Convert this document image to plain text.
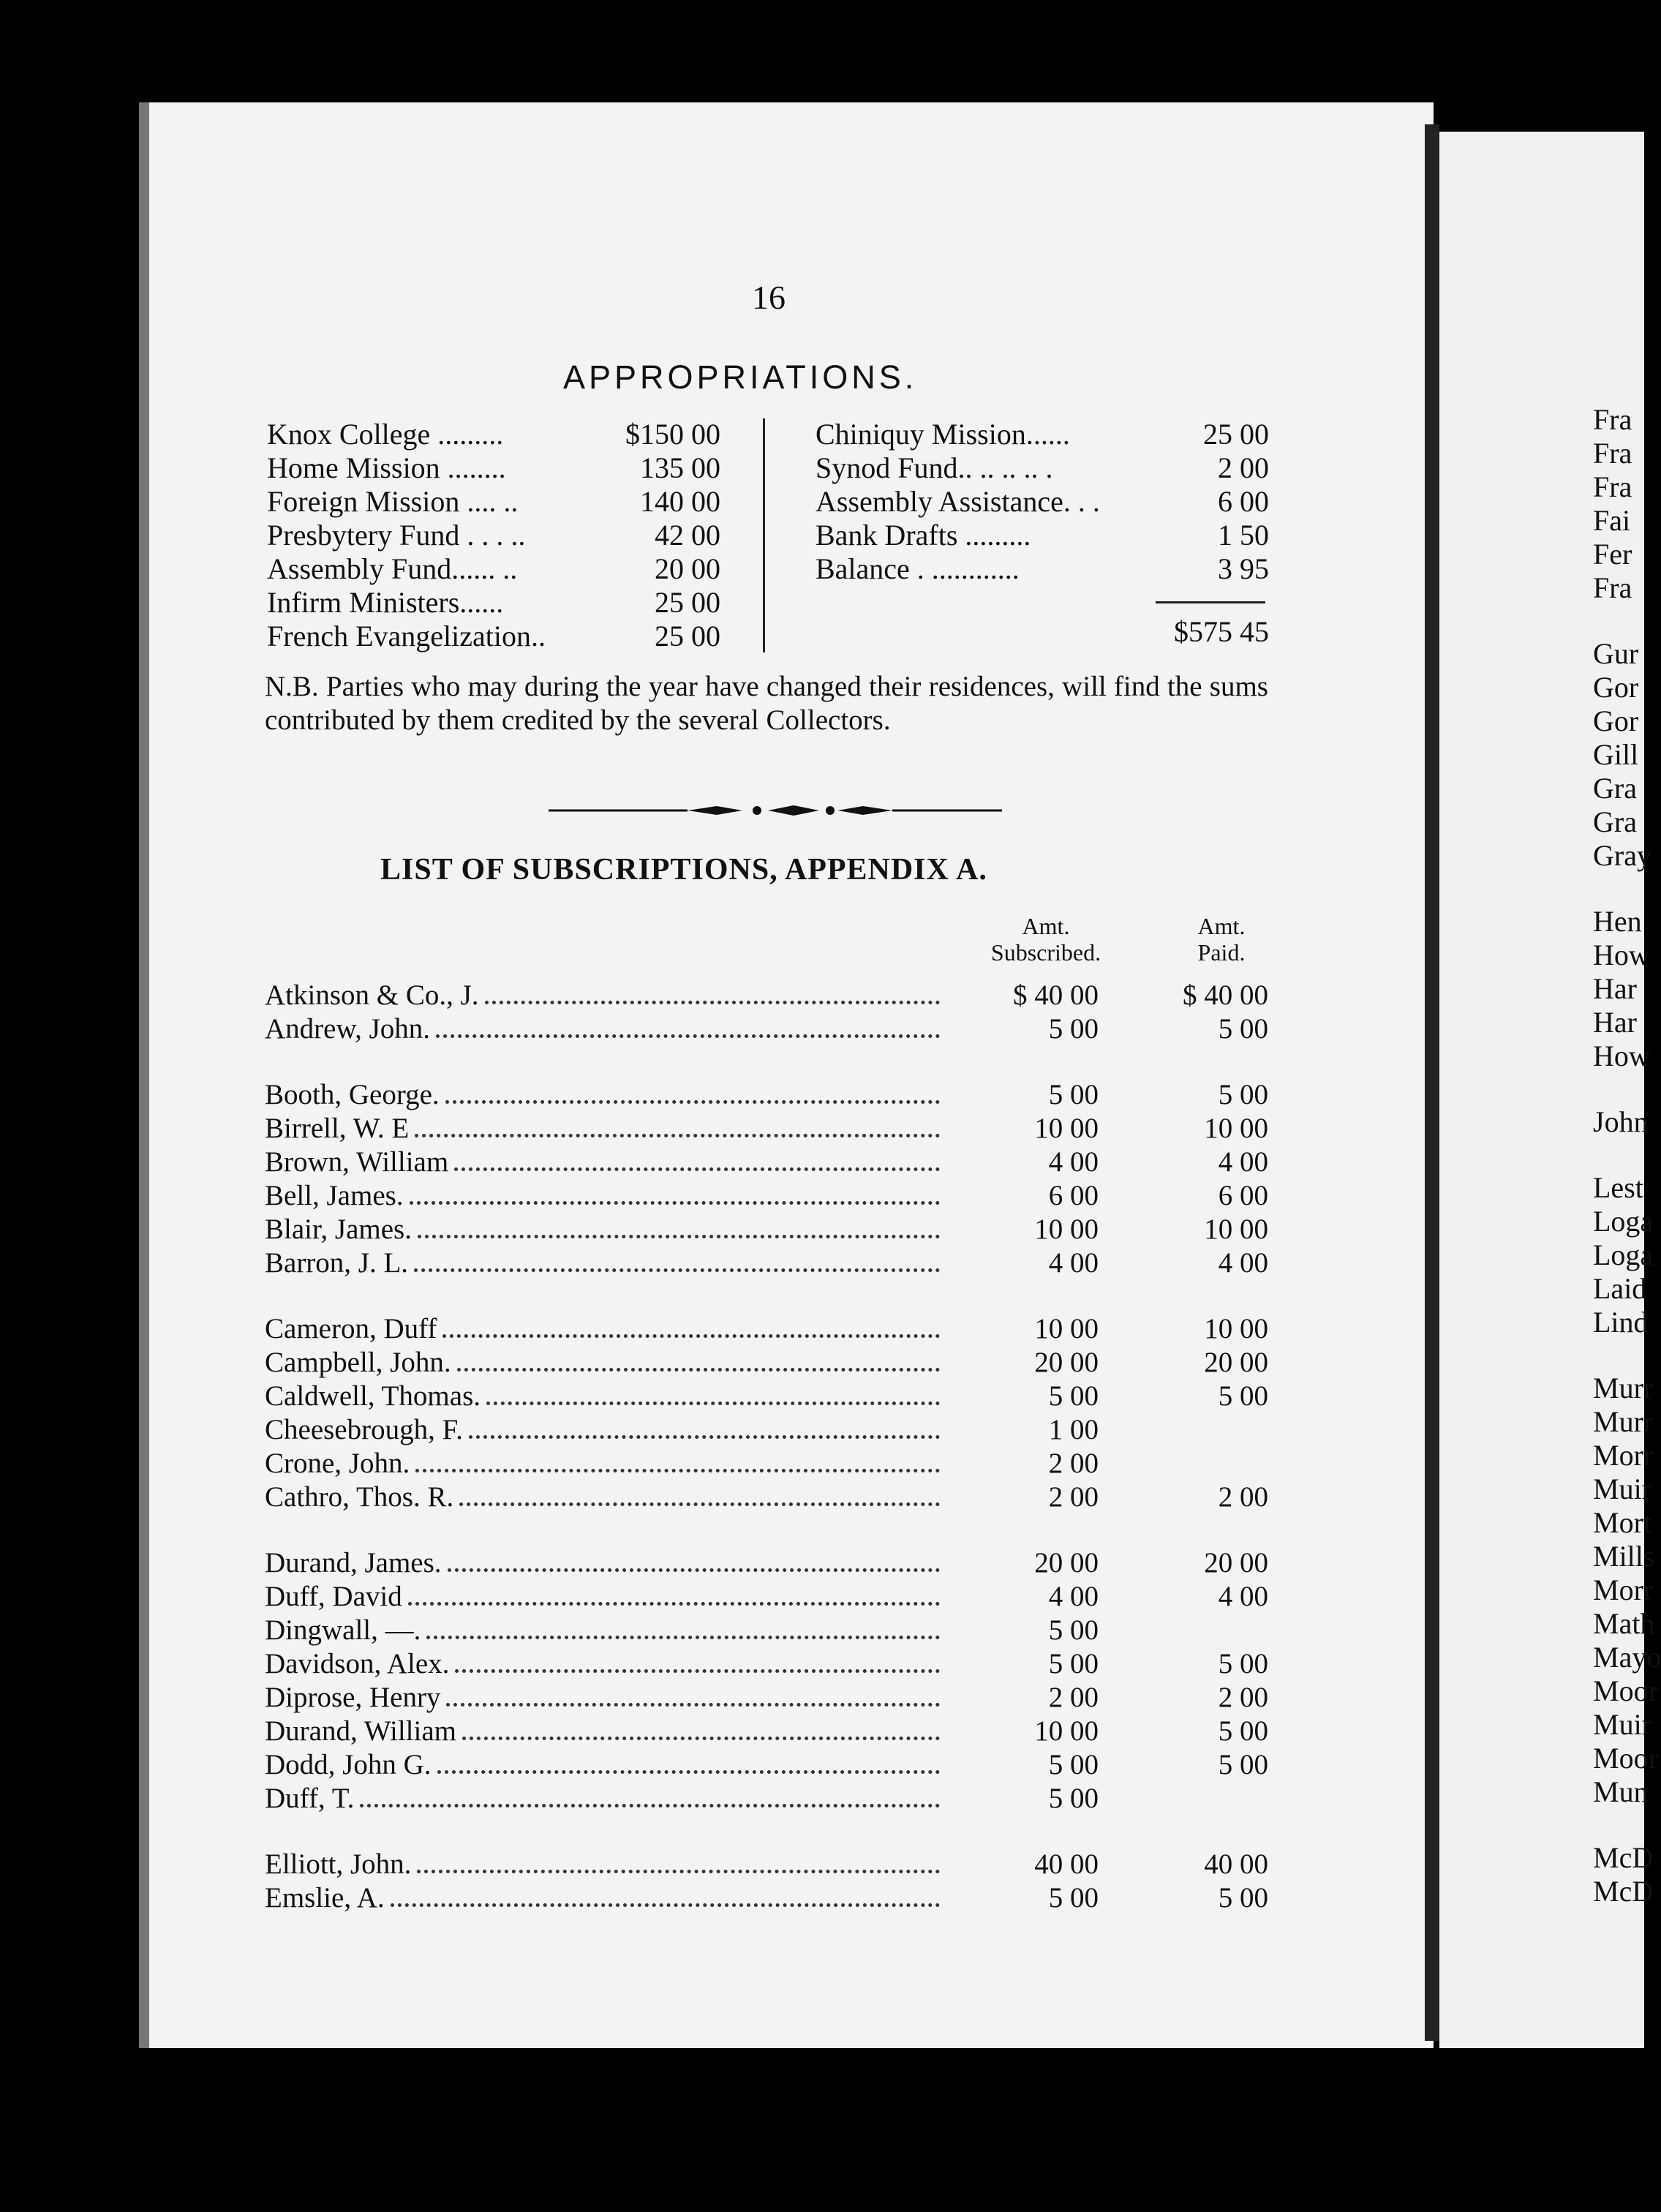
Fra
Fra
Fra
Fai
Fer
Fra
Gur
Gor
Gor
Gill
Gra
Gra
Gray
Hen
How
Har
Har
How
John
Lest
Loga
Loga
Laid
Lind
Murr
Murr
Morr
Muir
Mort
Mills
Morr
Math
Mayo
Moor
Muir
Moor
Mun
McD
McD
16
APPROPRIATIONS.
Knox College .........	$150 00
Home Mission ........	135 00
Foreign Mission .... ..	140 00
Presbytery Fund . . . ..	42 00
Assembly Fund...... ..	20 00
Infirm Ministers......	25 00
French Evangelization..	25 00
Chiniquy Mission......	25 00
Synod Fund.. .. .. .. .	2 00
Assembly Assistance. . .	6 00
Bank Drafts .........	1 50
Balance . ............	3 95
$575 45
N.B. Parties who may during the year have changed their residences, will find the sums contributed by them credited by the several Collectors.
LIST OF SUBSCRIPTIONS, APPENDIX A.
Amt.
Subscribed.
Amt.
Paid.
Atkinson & Co., J.	$ 40 00	$ 40 00
Andrew, John.	5 00	5 00
Booth, George.	5 00	5 00
Birrell, W. E	10 00	10 00
Brown, William	4 00	4 00
Bell, James.	6 00	6 00
Blair, James.	10 00	10 00
Barron, J. L.	4 00	4 00
Cameron, Duff	10 00	10 00
Campbell, John.	20 00	20 00
Caldwell, Thomas.	5 00	5 00
Cheesebrough, F.	1 00
Crone, John.	2 00
Cathro, Thos. R.	2 00	2 00
Durand, James.	20 00	20 00
Duff, David	4 00	4 00
Dingwall, —.	5 00
Davidson, Alex.	5 00	5 00
Diprose, Henry	2 00	2 00
Durand, William	10 00	5 00
Dodd, John G.	5 00	5 00
Duff, T.	5 00
Elliott, John.	40 00	40 00
Emslie, A.	5 00	5 00
